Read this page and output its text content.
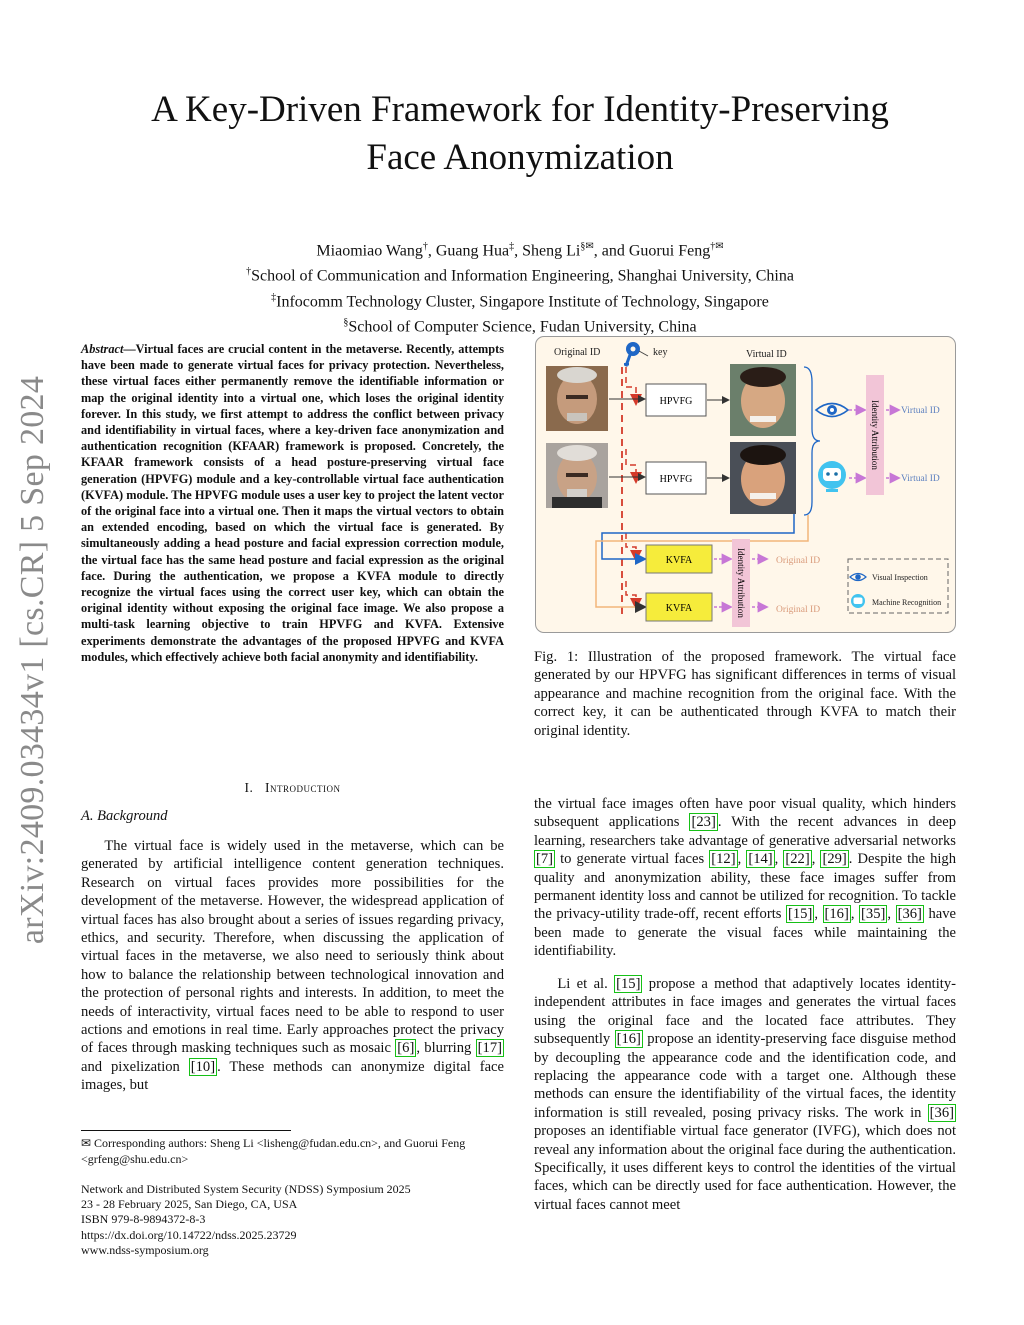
arXiv:2409.03434v1 [cs.CR] 5 Sep 2024
A Key-Driven Framework for Identity-Preserving
Face Anonymization
Miaomiao Wang†, Guang Hua‡, Sheng Li§✉, and Guorui Feng†✉
†School of Communication and Information Engineering, Shanghai University, China
‡Infocomm Technology Cluster, Singapore Institute of Technology, Singapore
§School of Computer Science, Fudan University, China
Abstract—Virtual faces are crucial content in the metaverse. Recently, attempts have been made to generate virtual faces for privacy protection. Nevertheless, these virtual faces either permanently remove the identifiable information or map the original identity into a virtual one, which loses the original identity forever. In this study, we first attempt to address the conflict between privacy and identifiability in virtual faces, where a key-driven face anonymization and authentication recognition (KFAAR) framework is proposed. Concretely, the KFAAR framework consists of a head posture-preserving virtual face generation (HPVFG) module and a key-controllable virtual face authentication (KVFA) module. The HPVFG module uses a user key to project the latent vector of the original face into a virtual one. Then it maps the virtual vectors to obtain an extended encoding, based on which the virtual face is generated. By simultaneously adding a head posture and facial expression correction module, the virtual face has the same head posture and facial expression as the original face. During the authentication, we propose a KVFA module to directly recognize the virtual faces using the correct user key, which can obtain the original identity without exposing the original face image. We also propose a multi-task learning objective to train HPVFG and KVFA. Extensive experiments demonstrate the advantages of the proposed HPVFG and KVFA modules, which effectively achieve both facial anonymity and identifiability.
I. Introduction
A. Background

The virtual face is widely used in the metaverse, which can be generated by artificial intelligence content generation techniques. Research on virtual faces provides more possibilities for the development of the metaverse. However, the widespread application of virtual faces has also brought about a series of issues regarding privacy, ethics, and security. Therefore, when discussing the application of virtual faces in the metaverse, we also need to seriously think about how to balance the relationship between technological innovation and the protection of personal rights and interests. In addition, to meet the needs of interactivity, virtual faces need to be able to respond to user actions and emotions in real time. Early approaches protect the privacy of faces through masking techniques such as mosaic [6] , blurring [17] and pixelization [10] . These methods can anonymize digital face images, but

✉ Corresponding authors: Sheng Li <lisheng@fudan.edu.cn>, and Guorui Feng <grfeng@shu.edu.cn>
Network and Distributed System Security (NDSS) Symposium 2025
23 - 28 February 2025, San Diego, CA, USA
ISBN 979-8-9894372-8-3
https://dx.doi.org/10.14722/ndss.2025.23729
www.ndss-symposium.org
Original ID	key	Virtual ID
HPVFG
HPVFG
Identity Attribution Virtual ID
Virtual ID
KVFA
KVFA	Identity Attribution	Original ID
Original ID
Visual Inspection
Machine Recognition
Fig. 1: Illustration of the proposed framework. The virtual face generated by our HPVFG has significant differences in terms of visual appearance and machine recognition from the original face. With the correct key, it can be authenticated through KVFA to match their original identity.
the virtual face images often have poor visual quality, which hinders subsequent applications [23] . With the recent advances in deep learning, researchers take advantage of generative adversarial networks [7] to generate virtual faces [12] , [14] , [22] , [29] . Despite the high quality and anonymization ability, these face images suffer from permanent identity loss and cannot be utilized for recognition. To tackle the privacy-utility trade-off, recent efforts [15] , [16] , [35] , [36] have been made to generate the visual faces while maintaining the identifiability.

Li et al. [15] propose a method that adaptively locates identity-independent attributes in face images and generates the virtual faces using the original face and the located face attributes. They subsequently [16] propose an identity-preserving face disguise method by decoupling the appearance code and the identification code, and replacing the appearance code with a target one. Although these methods can ensure the identifiability of the virtual faces, the identity information is still revealed, posing privacy risks. The work in [36] proposes an identifiable virtual face generator (IVFG), which does not reveal any information about the original face during the authentication. Specifically, it uses different keys to control the identities of the virtual faces, which can be directly used for face authentication. However, the virtual faces cannot meet
